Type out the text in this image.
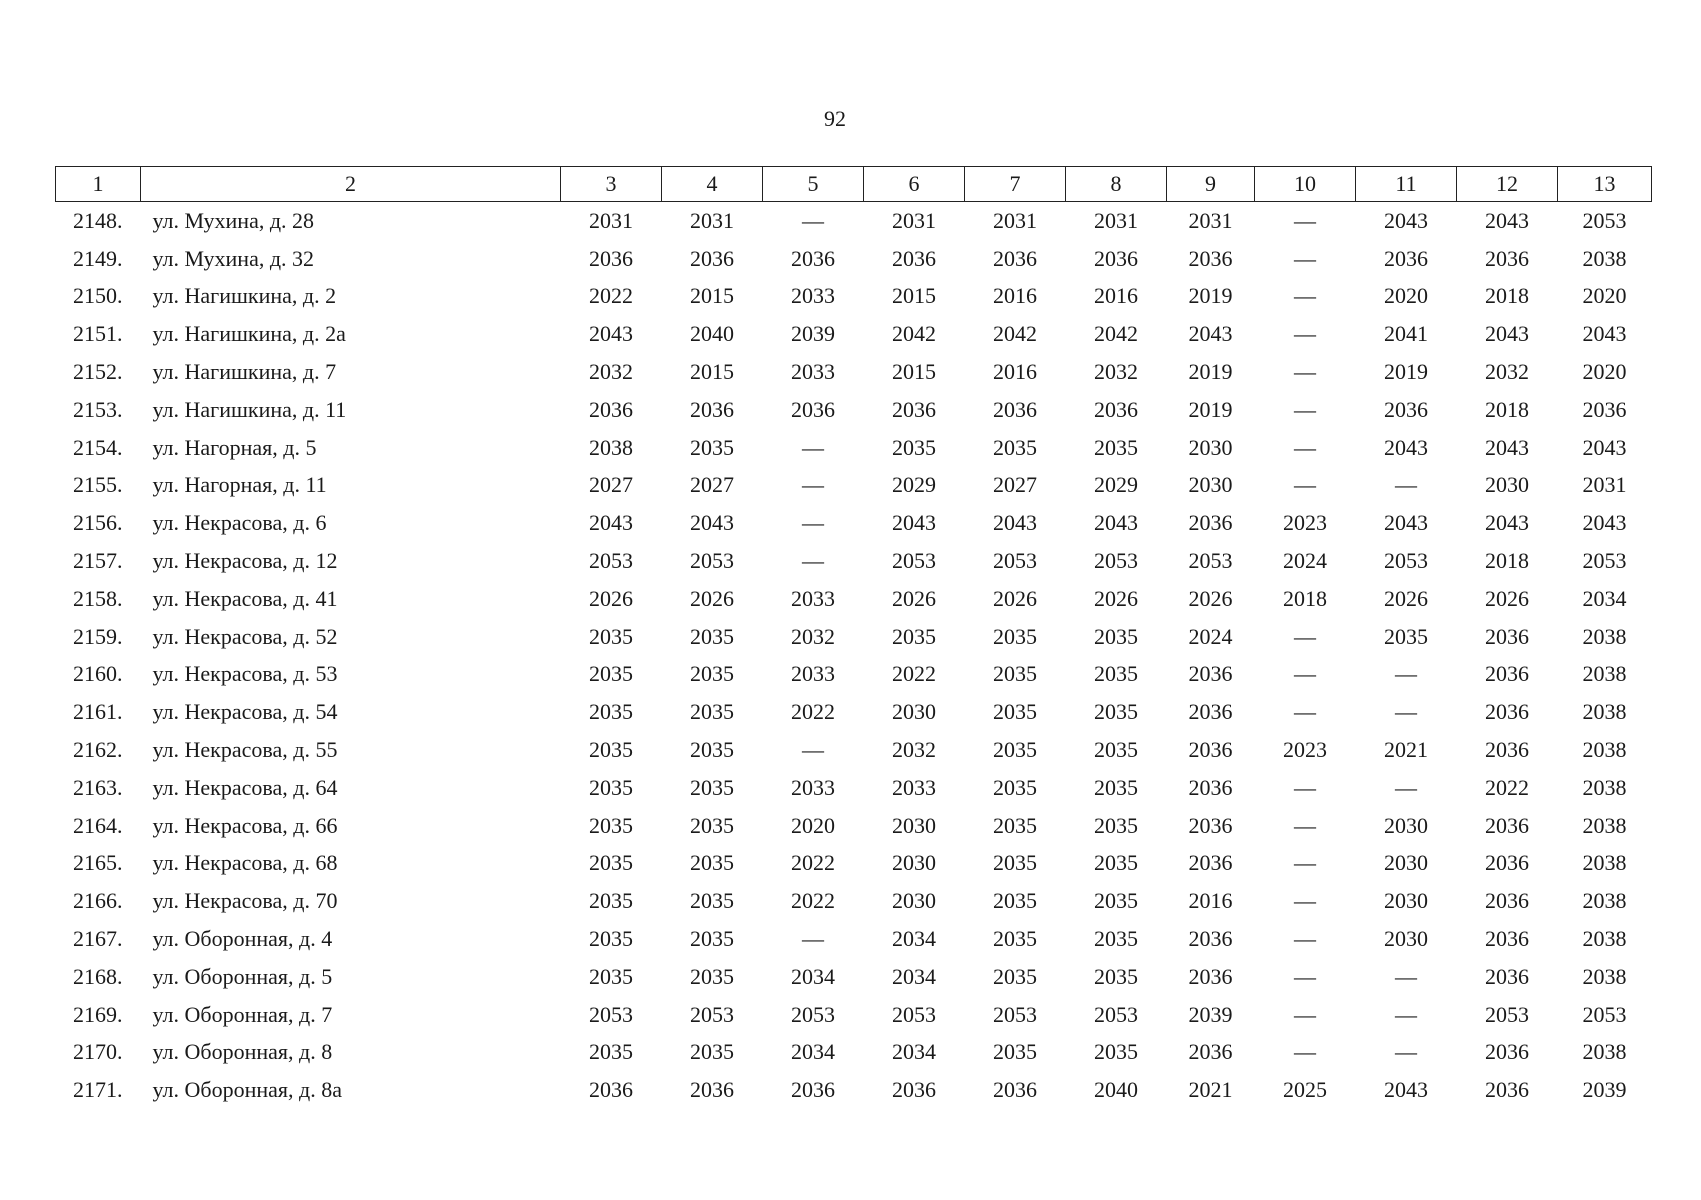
92
1	2	3	4	5	6	7	8	9	10	11	12	13
2148.	ул. Мухина, д. 28	2031	2031	—	2031	2031	2031	2031	—	2043	2043	2053
2149.	ул. Мухина, д. 32	2036	2036	2036	2036	2036	2036	2036	—	2036	2036	2038
2150.	ул. Нагишкина, д. 2	2022	2015	2033	2015	2016	2016	2019	—	2020	2018	2020
2151.	ул. Нагишкина, д. 2а	2043	2040	2039	2042	2042	2042	2043	—	2041	2043	2043
2152.	ул. Нагишкина, д. 7	2032	2015	2033	2015	2016	2032	2019	—	2019	2032	2020
2153.	ул. Нагишкина, д. 11	2036	2036	2036	2036	2036	2036	2019	—	2036	2018	2036
2154.	ул. Нагорная, д. 5	2038	2035	—	2035	2035	2035	2030	—	2043	2043	2043
2155.	ул. Нагорная, д. 11	2027	2027	—	2029	2027	2029	2030	—	—	2030	2031
2156.	ул. Некрасова, д. 6	2043	2043	—	2043	2043	2043	2036	2023	2043	2043	2043
2157.	ул. Некрасова, д. 12	2053	2053	—	2053	2053	2053	2053	2024	2053	2018	2053
2158.	ул. Некрасова, д. 41	2026	2026	2033	2026	2026	2026	2026	2018	2026	2026	2034
2159.	ул. Некрасова, д. 52	2035	2035	2032	2035	2035	2035	2024	—	2035	2036	2038
2160.	ул. Некрасова, д. 53	2035	2035	2033	2022	2035	2035	2036	—	—	2036	2038
2161.	ул. Некрасова, д. 54	2035	2035	2022	2030	2035	2035	2036	—	—	2036	2038
2162.	ул. Некрасова, д. 55	2035	2035	—	2032	2035	2035	2036	2023	2021	2036	2038
2163.	ул. Некрасова, д. 64	2035	2035	2033	2033	2035	2035	2036	—	—	2022	2038
2164.	ул. Некрасова, д. 66	2035	2035	2020	2030	2035	2035	2036	—	2030	2036	2038
2165.	ул. Некрасова, д. 68	2035	2035	2022	2030	2035	2035	2036	—	2030	2036	2038
2166.	ул. Некрасова, д. 70	2035	2035	2022	2030	2035	2035	2016	—	2030	2036	2038
2167.	ул. Оборонная, д. 4	2035	2035	—	2034	2035	2035	2036	—	2030	2036	2038
2168.	ул. Оборонная, д. 5	2035	2035	2034	2034	2035	2035	2036	—	—	2036	2038
2169.	ул. Оборонная, д. 7	2053	2053	2053	2053	2053	2053	2039	—	—	2053	2053
2170.	ул. Оборонная, д. 8	2035	2035	2034	2034	2035	2035	2036	—	—	2036	2038
2171.	ул. Оборонная, д. 8а	2036	2036	2036	2036	2036	2040	2021	2025	2043	2036	2039
